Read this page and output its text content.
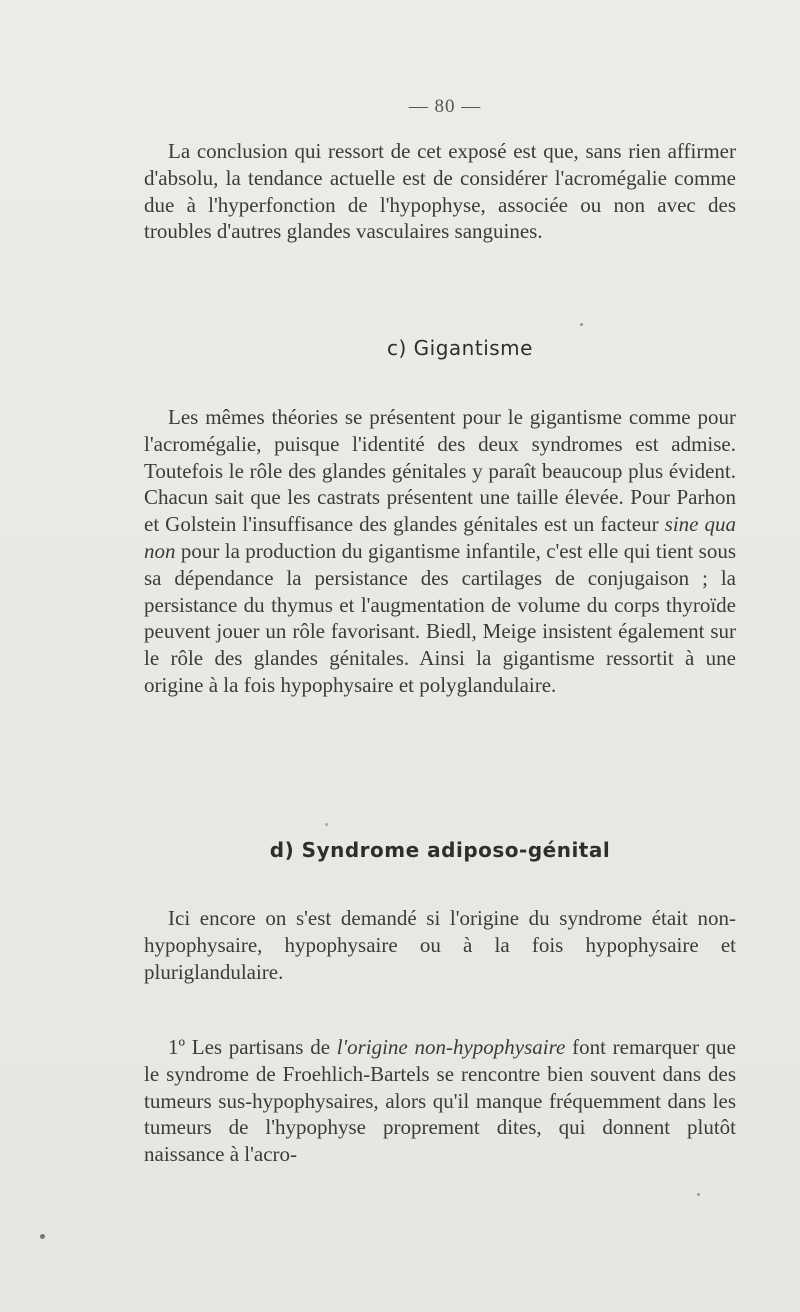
— 80 —

La conclusion qui ressort de cet exposé est que, sans rien affirmer d'absolu, la tendance actuelle est de considérer l'acromégalie comme due à l'hyperfonction de l'hypophyse, associée ou non avec des troubles d'autres glandes vasculaires sanguines.

c) Gigantisme

Les mêmes théories se présentent pour le gigantisme comme pour l'acromégalie, puisque l'identité des deux syndromes est admise. Toutefois le rôle des glandes génitales y paraît beaucoup plus évident. Chacun sait que les castrats présentent une taille élevée. Pour Parhon et Golstein l'insuffisance des glandes génitales est un facteur sine qua non pour la production du gigantisme infantile, c'est elle qui tient sous sa dépendance la persistance des cartilages de conjugaison ; la persistance du thymus et l'augmentation de volume du corps thyroïde peuvent jouer un rôle favorisant. Biedl, Meige insistent également sur le rôle des glandes génitales. Ainsi la gigantisme ressortit à une origine à la fois hypophysaire et polyglandulaire.

d) Syndrome adiposo-génital

Ici encore on s'est demandé si l'origine du syndrome était non-hypophysaire, hypophysaire ou à la fois hypophysaire et pluriglandulaire.

1º Les partisans de l'origine non-hypophysaire font remarquer que le syndrome de Froehlich-Bartels se rencontre bien souvent dans des tumeurs sus-hypophysaires, alors qu'il manque fréquemment dans les tumeurs de l'hypophyse proprement dites, qui donnent plutôt naissance à l'acro-
